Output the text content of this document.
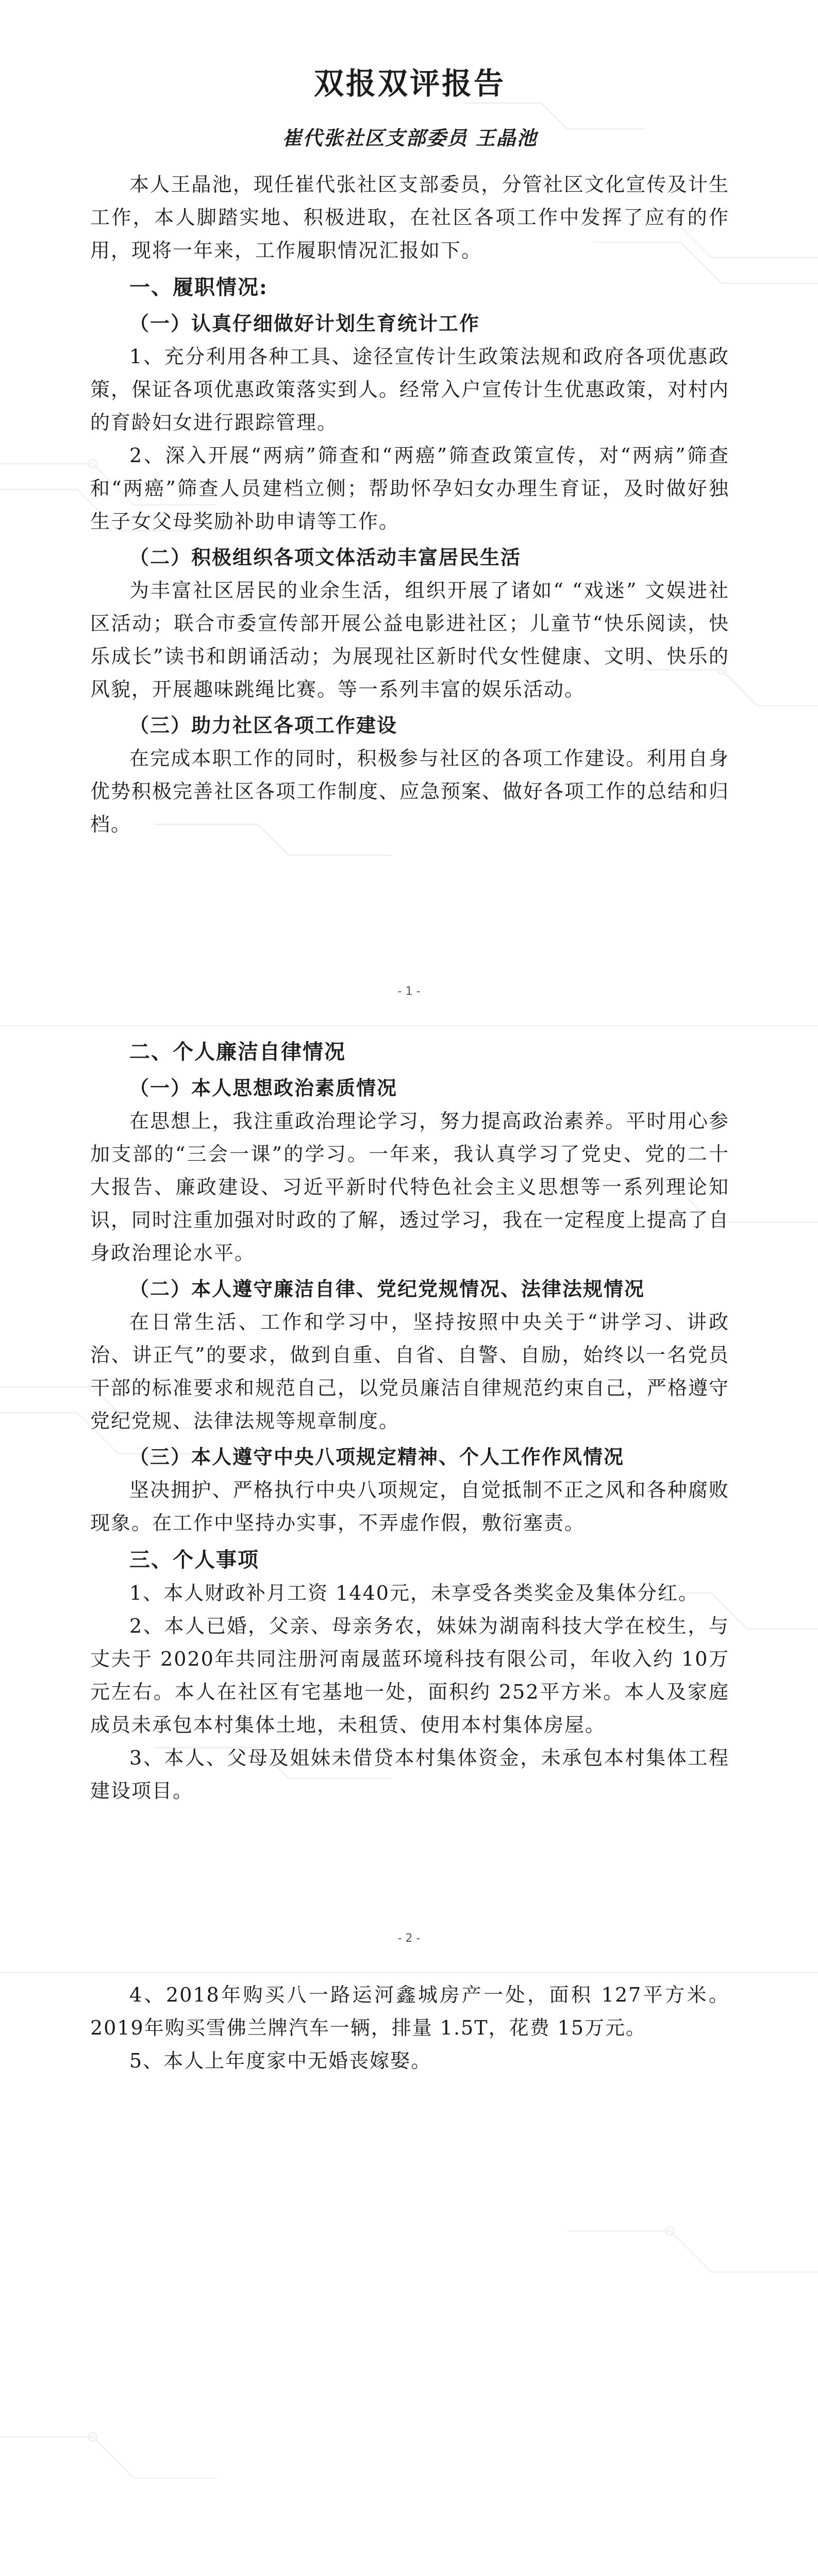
双报双评报告
崔代张社区支部委员 王晶池

本人王晶池，现任崔代张社区支部委员，分管社区文化宣传及计生工作，本人脚踏实地、积极进取，在社区各项工作中发挥了应有的作用，现将一年来，工作履职情况汇报如下。

一、履职情况:
（一）认真仔细做好计划生育统计工作

1、充分利用各种工具、途径宣传计生政策法规和政府各项优惠政策，保证各项优惠政策落实到人。经常入户宣传计生优惠政策，对村内的育龄妇女进行跟踪管理。

2、深入开展“两病”筛查和“两癌”筛查政策宣传，对“两病”筛查和“两癌”筛查人员建档立侧；帮助怀孕妇女办理生育证，及时做好独生子女父母奖励补助申请等工作。

（二）积极组织各项文体活动丰富居民生活

为丰富社区居民的业余生活，组织开展了诸如“ “戏迷” 文娱进社区活动；联合市委宣传部开展公益电影进社区；儿童节“快乐阅读，快乐成长”读书和朗诵活动；为展现社区新时代女性健康、文明、快乐的风貌，开展趣味跳绳比赛。等一系列丰富的娱乐活动。

（三）助力社区各项工作建设

在完成本职工作的同时，积极参与社区的各项工作建设。利用自身优势积极完善社区各项工作制度、应急预案、做好各项工作的总结和归档。

- 1 -
二、个人廉洁自律情况
（一）本人思想政治素质情况

在思想上，我注重政治理论学习，努力提高政治素养。平时用心参加支部的“三会一课”的学习。一年来，我认真学习了党史、党的二十大报告、廉政建设、习近平新时代特色社会主义思想等一系列理论知识，同时注重加强对时政的了解，透过学习，我在一定程度上提高了自身政治理论水平。

（二）本人遵守廉洁自律、党纪党规情况、法律法规情况

在日常生活、工作和学习中，坚持按照中央关于“讲学习、讲政治、讲正气”的要求，做到自重、自省、自警、自励，始终以一名党员干部的标准要求和规范自己，以党员廉洁自律规范约束自己，严格遵守党纪党规、法律法规等规章制度。

（三）本人遵守中央八项规定精神、个人工作作风情况

坚决拥护、严格执行中央八项规定，自觉抵制不正之风和各种腐败现象。在工作中坚持办实事，不弄虚作假，敷衍塞责。

三、个人事项

1、本人财政补月工资 1440元，未享受各类奖金及集体分红。

2、本人已婚，父亲、母亲务农，妹妹为湖南科技大学在校生，与丈夫于 2020年共同注册河南晟蓝环境科技有限公司，年收入约 10万元左右。本人在社区有宅基地一处，面积约 252平方米。本人及家庭成员未承包本村集体土地，未租赁、使用本村集体房屋。

3、本人、父母及姐妹未借贷本村集体资金，未承包本村集体工程建设项目。

- 2 -

4、2018年购买八一路运河鑫城房产一处，面积 127平方米。2019年购买雪佛兰牌汽车一辆，排量 1.5T，花费 15万元。

5、本人上年度家中无婚丧嫁娶。
